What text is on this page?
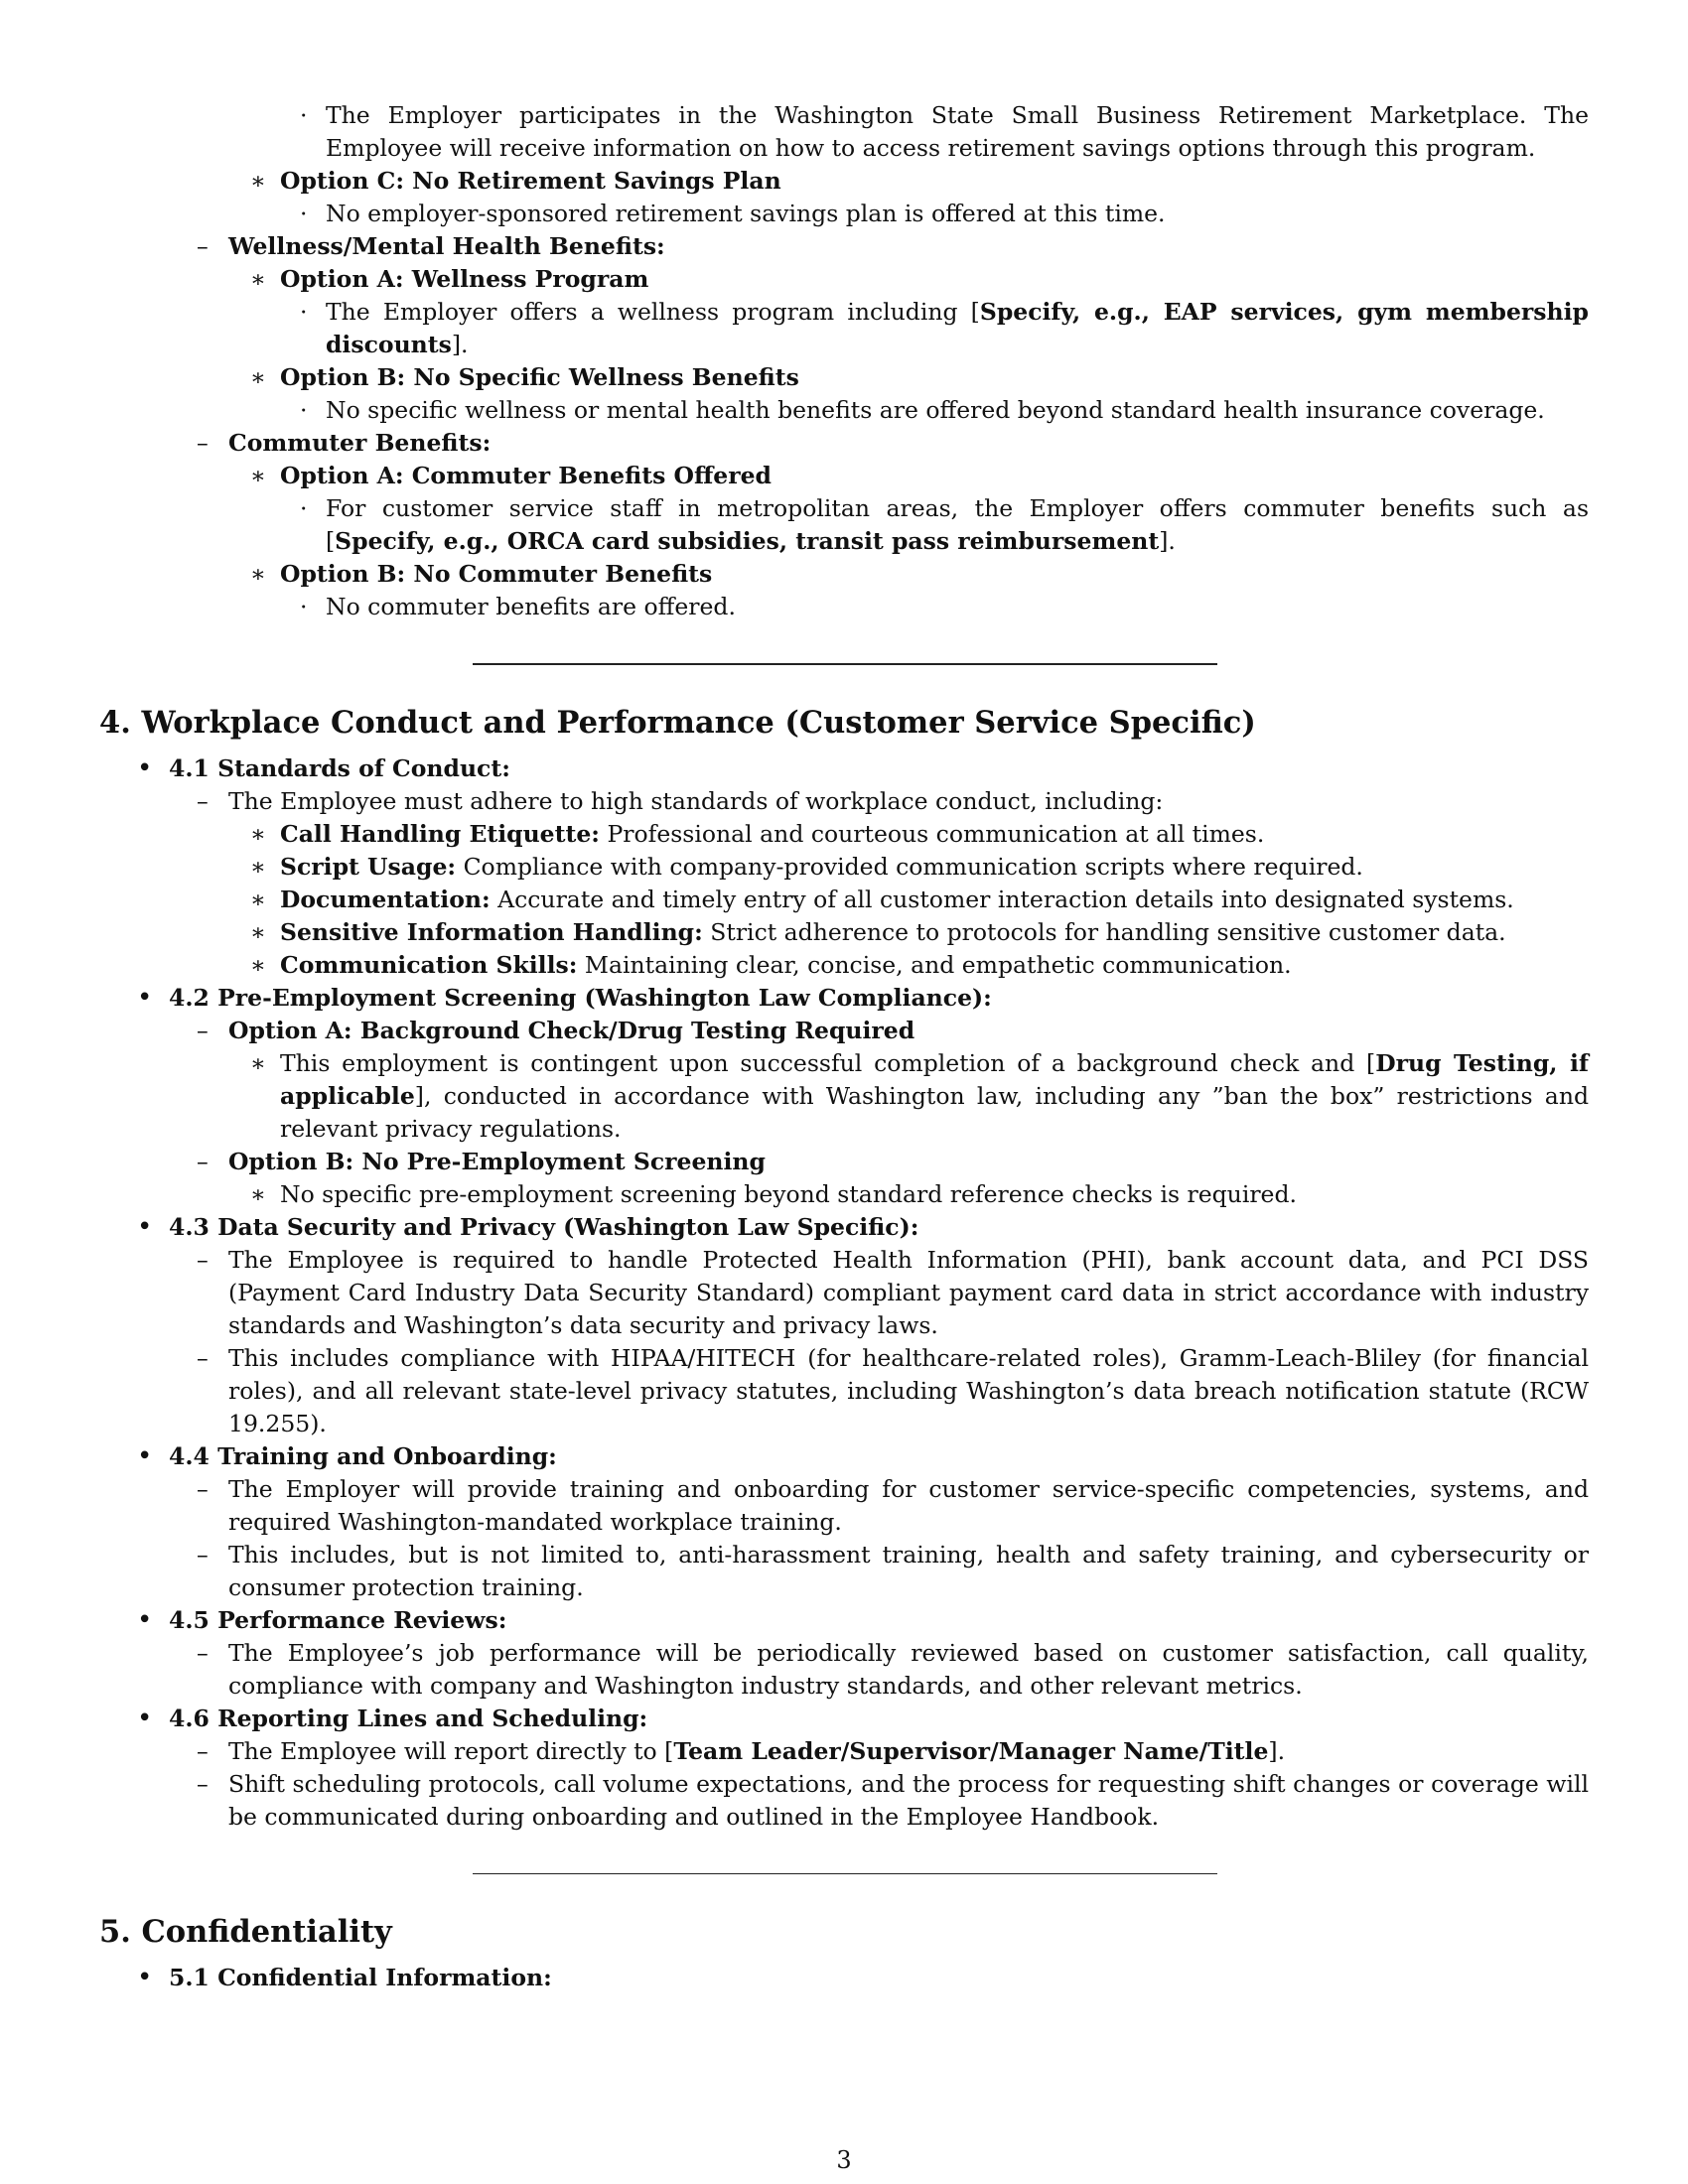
· The Employer participates in the Washington State Small Business Retirement Marketplace. The Employee will receive information on how to access retirement savings options through this program.
∗ Option C: No Retirement Savings Plan
· No employer-sponsored retirement savings plan is offered at this time.
– Wellness/Mental Health Benefits:
∗ Option A: Wellness Program
· The Employer offers a wellness program including [Specify, e.g., EAP services, gym membership discounts].
∗ Option B: No Specific Wellness Benefits
· No specific wellness or mental health benefits are offered beyond standard health insurance coverage.
– Commuter Benefits:
∗ Option A: Commuter Benefits Offered
· For customer service staff in metropolitan areas, the Employer offers commuter benefits such as [Specify, e.g., ORCA card subsidies, transit pass reimbursement].
∗ Option B: No Commuter Benefits
· No commuter benefits are offered.
4. Workplace Conduct and Performance (Customer Service Specific)
• 4.1 Standards of Conduct:
– The Employee must adhere to high standards of workplace conduct, including:
∗ Call Handling Etiquette: Professional and courteous communication at all times.
∗ Script Usage: Compliance with company-provided communication scripts where required.
∗ Documentation: Accurate and timely entry of all customer interaction details into designated systems.
∗ Sensitive Information Handling: Strict adherence to protocols for handling sensitive customer data.
∗ Communication Skills: Maintaining clear, concise, and empathetic communication.
• 4.2 Pre-Employment Screening (Washington Law Compliance):
– Option A: Background Check/Drug Testing Required
∗ This employment is contingent upon successful completion of a background check and [Drug Testing, if applicable], conducted in accordance with Washington law, including any ”ban the box” restrictions and relevant privacy regulations.
– Option B: No Pre-Employment Screening
∗ No specific pre-employment screening beyond standard reference checks is required.
• 4.3 Data Security and Privacy (Washington Law Specific):
– The Employee is required to handle Protected Health Information (PHI), bank account data, and PCI DSS (Payment Card Industry Data Security Standard) compliant payment card data in strict accordance with industry standards and Washington’s data security and privacy laws.
– This includes compliance with HIPAA/HITECH (for healthcare-related roles), Gramm-Leach-Bliley (for financial roles), and all relevant state-level privacy statutes, including Washington’s data breach notification statute (RCW 19.255).
• 4.4 Training and Onboarding:
– The Employer will provide training and onboarding for customer service-specific competencies, systems, and required Washington-mandated workplace training.
– This includes, but is not limited to, anti-harassment training, health and safety training, and cybersecurity or consumer protection training.
• 4.5 Performance Reviews:
– The Employee’s job performance will be periodically reviewed based on customer satisfaction, call quality, compliance with company and Washington industry standards, and other relevant metrics.
• 4.6 Reporting Lines and Scheduling:
– The Employee will report directly to [Team Leader/Supervisor/Manager Name/Title].
– Shift scheduling protocols, call volume expectations, and the process for requesting shift changes or coverage will be communicated during onboarding and outlined in the Employee Handbook.
5. Confidentiality
• 5.1 Confidential Information:
3
